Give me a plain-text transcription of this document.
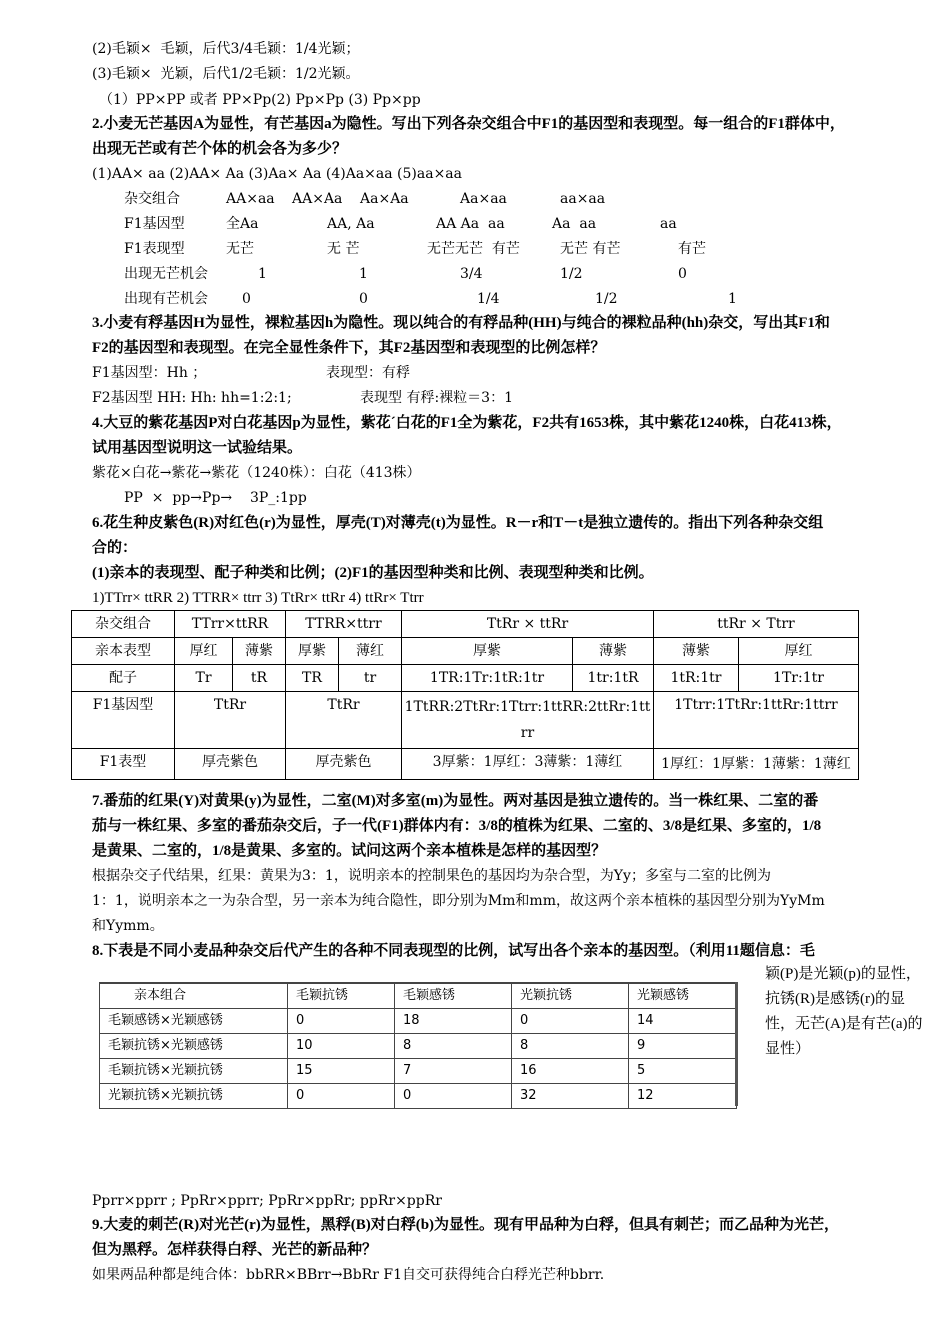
(2)毛颖×  毛颖，后代3/4毛颖：1/4光颖；
(3)毛颖×  光颖，后代1/2毛颖：1/2光颖。
（1）PP×PP 或者 PP×Pp(2) Pp×Pp (3) Pp×pp
2.小麦无芒基因A为显性，有芒基因a为隐性。写出下列各杂交组合中F1的基因型和表现型。每一组合的F1群体中，
出现无芒或有芒个体的机会各为多少？
(1)AA× aa (2)AA× Aa (3)Aa× Aa (4)Aa×aa (5)aa×aa
杂交组合	AA×aa AA×Aa Aa×Aa	Aa×aa	aa×aa
F1基因型	全Aa	AA, Aa	AA Aa  aa	Aa  aa	aa
F1表现型	无芒	无 芒	无芒无芒  有芒	无芒 有芒	有芒
出现无芒机会	1	1	3/4	1/2	0
出现有芒机会 0	0	1/4	1/2	1
3.小麦有稃基因H为显性，裸粒基因h为隐性。现以纯合的有稃品种(HH)与纯合的裸粒品种(hh)杂交，写出其F1和
F2的基因型和表现型。在完全显性条件下，其F2基因型和表现型的比例怎样？
F1基因型：Hh ；	表现型：有稃
F2基因型 HH: Hh: hh=1:2:1;	表现型 有稃:裸粒＝3：1
4.大豆的紫花基因P对白花基因p为显性，紫花´白花的F1全为紫花，F2共有1653株，其中紫花1240株，白花413株，
试用基因型说明这一试验结果。
紫花×白花→紫花→紫花（1240株）：白花（413株）
PP  ×  pp→Pp→    3P_:1pp
6.花生种皮紫色(R)对红色(r)为显性，厚壳(T)对薄壳(t)为显性。R－r和T－t是独立遗传的。指出下列各种杂交组
合的：
(1)亲本的表现型、配子种类和比例；(2)F1的基因型种类和比例、表现型种类和比例。
1)TTrr× ttRR 2) TTRR× ttrr 3) TtRr× ttRr 4) ttRr× Ttrr
杂交组合	TTrr×ttRR		TTRR×ttrr		TtRr × ttRr		ttRr × Ttrr	
亲本表型	厚红	薄紫	厚紫	薄红	厚紫	薄紫	薄紫	厚红
配子	Tr	tR	TR	tr	1TR:1Tr:1tR:1tr	1tr:1tR	1tR:1tr	1Tr:1tr
F1基因型	TtRr		TtRr		1TtRR:2TtRr:1Ttrr:1ttRR:2ttRr:1ttrr		1Ttrr:1TtRr:1ttRr:1ttrr	
F1表型	厚壳紫色		厚壳紫色		3厚紫：1厚红：3薄紫：1薄红		1厚红：1厚紫：1薄紫：1薄红	
7.番茄的红果(Y)对黄果(y)为显性，二室(M)对多室(m)为显性。两对基因是独立遗传的。当一株红果、二室的番
茄与一株红果、多室的番茄杂交后，子一代(F1)群体内有：3/8的植株为红果、二室的、3/8是红果、多室的，1/8
是黄果、二室的，1/8是黄果、多室的。试问这两个亲本植株是怎样的基因型？
根据杂交子代结果，红果：黄果为3：1，说明亲本的控制果色的基因均为杂合型，为Yy；多室与二室的比例为
1：1，说明亲本之一为杂合型，另一亲本为纯合隐性，即分别为Mm和mm，故这两个亲本植株的基因型分别为YyMm
和Yymm。
8.下表是不同小麦品种杂交后代产生的各种不同表现型的比例，试写出各个亲本的基因型。（利用11题信息：毛
颖(P)是光颖(p)的显性，抗锈(R)是感锈(r)的显性，无芒(A)是有芒(a)的显性）
亲本组合	毛颖抗锈	毛颖感锈	光颖抗锈	光颖感锈
毛颖感锈×光颖感锈	0	18	0	14
毛颖抗锈×光颖感锈	10	8	8	9
毛颖抗锈×光颖抗锈	15	7	16	5
光颖抗锈×光颖抗锈	0	0	32	12
Pprr×pprr ; PpRr×pprr; PpRr×ppRr; ppRr×ppRr
9.大麦的刺芒(R)对光芒(r)为显性，黑稃(B)对白稃(b)为显性。现有甲品种为白稃，但具有刺芒；而乙品种为光芒，
但为黑稃。怎样获得白稃、光芒的新品种？
如果两品种都是纯合体：bbRR×BBrr→BbRr F1自交可获得纯合白稃光芒种bbrr.
